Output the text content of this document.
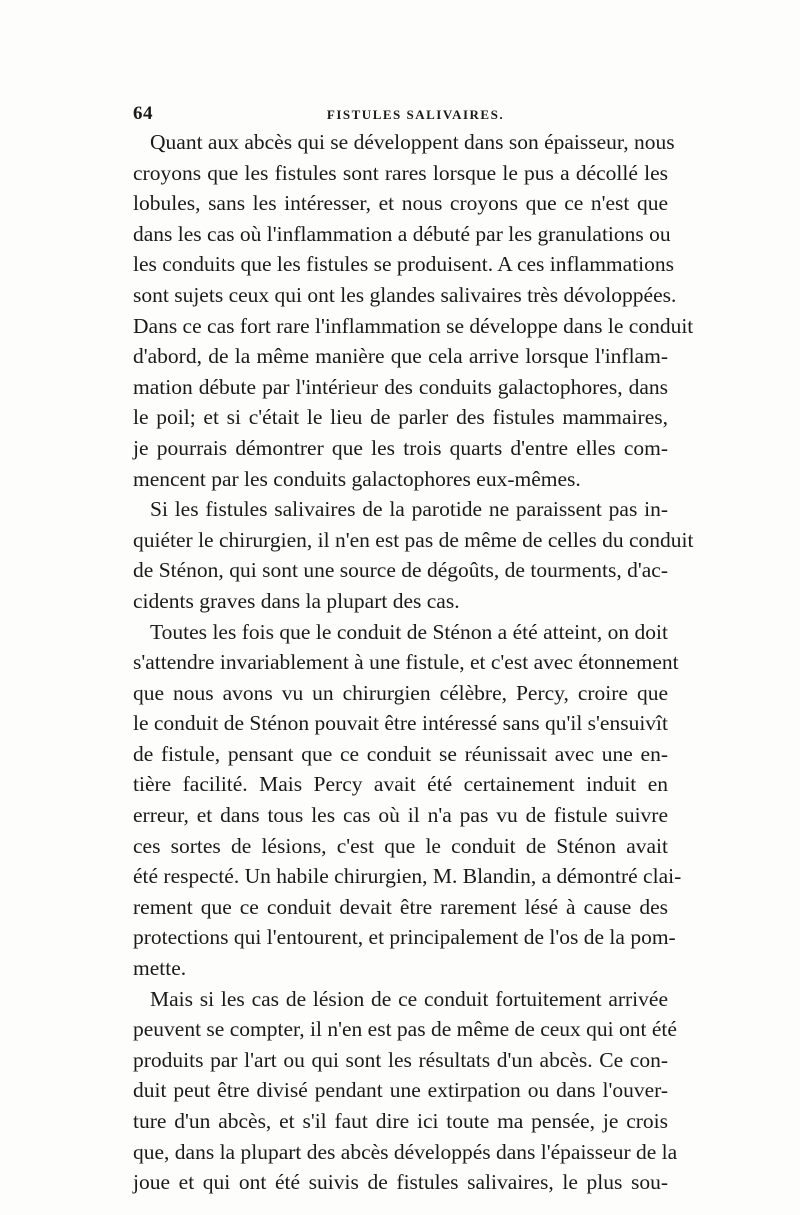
64	FISTULES SALIVAIRES.
Quant aux abcès qui se développent dans son épaisseur, nous
croyons que les fistules sont rares lorsque le pus a décollé les
lobules, sans les intéresser, et nous croyons que ce n'est que
dans les cas où l'inflammation a débuté par les granulations ou
les conduits que les fistules se produisent. A ces inflammations
sont sujets ceux qui ont les glandes salivaires très dévoloppées.
Dans ce cas fort rare l'inflammation se développe dans le conduit
d'abord, de la même manière que cela arrive lorsque l'inflam-
mation débute par l'intérieur des conduits galactophores, dans
le poil; et si c'était le lieu de parler des fistules mammaires,
je pourrais démontrer que les trois quarts d'entre elles com-
mencent par les conduits galactophores eux-mêmes.
Si les fistules salivaires de la parotide ne paraissent pas in-
quiéter le chirurgien, il n'en est pas de même de celles du conduit
de Sténon, qui sont une source de dégoûts, de tourments, d'ac-
cidents graves dans la plupart des cas.
Toutes les fois que le conduit de Sténon a été atteint, on doit
s'attendre invariablement à une fistule, et c'est avec étonnement
que nous avons vu un chirurgien célèbre, Percy, croire que
le conduit de Sténon pouvait être intéressé sans qu'il s'ensuivît
de fistule, pensant que ce conduit se réunissait avec une en-
tière facilité. Mais Percy avait été certainement induit en
erreur, et dans tous les cas où il n'a pas vu de fistule suivre
ces sortes de lésions, c'est que le conduit de Sténon avait
été respecté. Un habile chirurgien, M. Blandin, a démontré clai-
rement que ce conduit devait être rarement lésé à cause des
protections qui l'entourent, et principalement de l'os de la pom-
mette.
Mais si les cas de lésion de ce conduit fortuitement arrivée
peuvent se compter, il n'en est pas de même de ceux qui ont été
produits par l'art ou qui sont les résultats d'un abcès. Ce con-
duit peut être divisé pendant une extirpation ou dans l'ouver-
ture d'un abcès, et s'il faut dire ici toute ma pensée, je crois
que, dans la plupart des abcès développés dans l'épaisseur de la
joue et qui ont été suivis de fistules salivaires, le plus sou-
